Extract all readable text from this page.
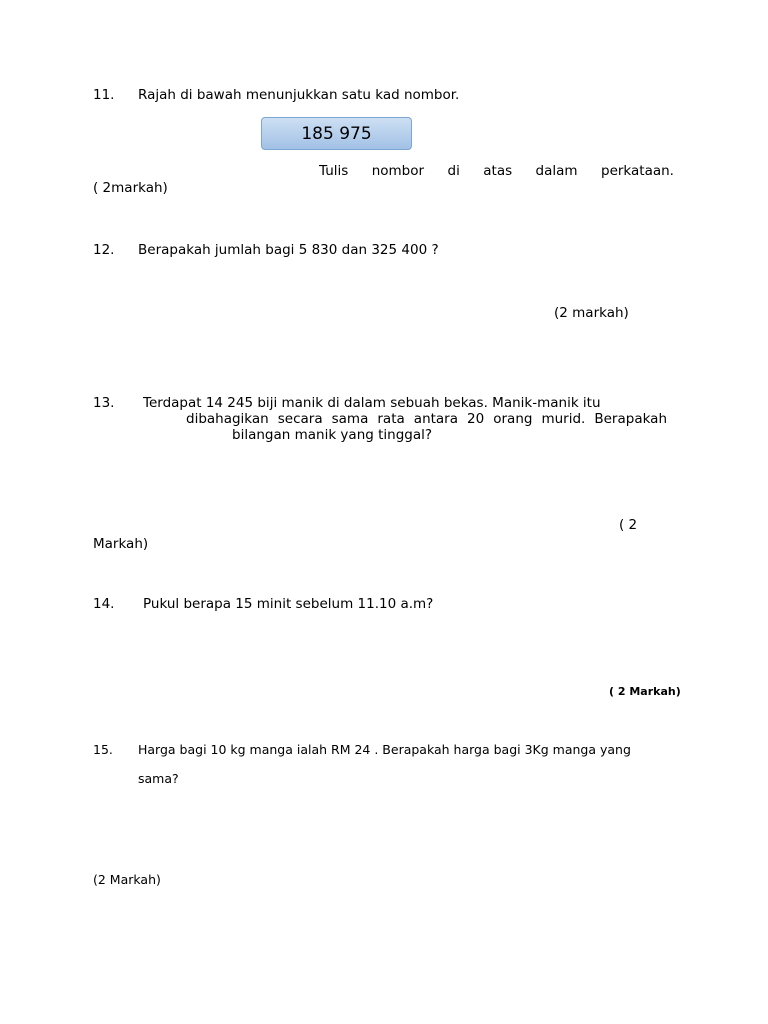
11. Rajah di bawah menunjukkan satu kad nombor.
185 975
Tulis nombor di atas dalam perkataan.
( 2markah)
12. Berapakah jumlah bagi 5 830 dan 325 400 ?
(2 markah)
13. Terdapat 14 245 biji manik di dalam sebuah bekas. Manik-manik itu
dibahagikan secara sama rata antara 20 orang murid. Berapakah
bilangan manik yang tinggal?
( 2
Markah)
14. Pukul berapa 15 minit sebelum 11.10 a.m?
( 2 Markah)
15. Harga bagi 10 kg manga ialah RM 24 . Berapakah harga bagi 3Kg manga yang
sama?
(2 Markah)
